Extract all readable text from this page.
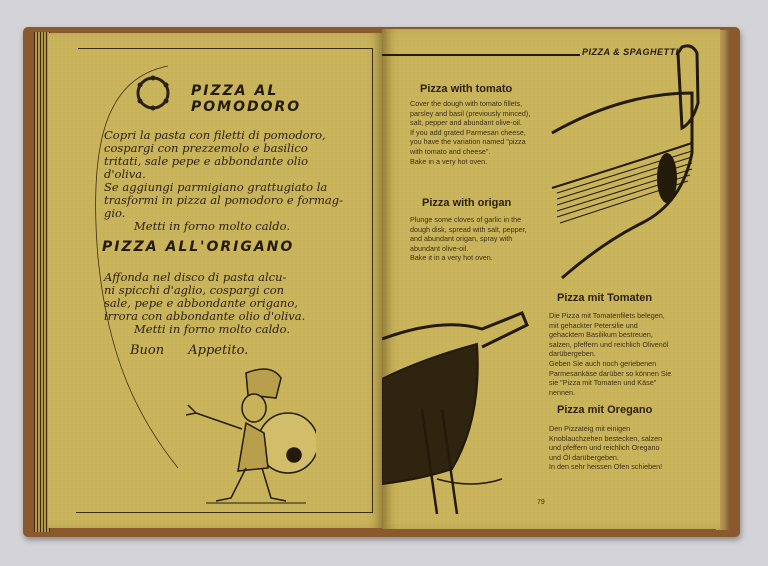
PIZZA AL POMODORO
Copri la pasta con filetti di pomodoro,
cospargi con prezzemolo e basilico
tritati, sale pepe e abbondante olio
d'oliva.
Se aggiungi parmigiano grattugiato la
trasformi in pizza al pomodoro e formag-
gio.
Metti in forno molto caldo.
PIZZA ALL'ORIGANO
Affonda nel disco di pasta alcu-
ni spicchi d'aglio, cospargi con
sale, pepe e abbondante origano,
irrora con abbondante olio d'oliva.
Metti in forno molto caldo.
Buon Appetito.
PIZZA & SPAGHETTI
Pizza with tomato
Cover the dough with tomato fillets,
parsley and basil (previously minced),
salt, pepper and abundant olive-oil.
If you add grated Parmesan cheese,
you have the variation named "pizza
with tomato and cheese".
Bake in a very hot oven.
Pizza with origan
Plunge some cloves of garlic in the
dough disk, spread with salt, pepper,
and abundant origan, spray with
abundant olive-oil.
Bake it in a very hot oven.
Pizza mit Tomaten
Die Pizza mit Tomatenfilets belegen,
mit gehackter Petersilie und
gehacktem Basilikum bestreuen,
salzen, pfeffern und reichlich Olivenöl
darübergeben.
Geben Sie auch noch geriebenen
Parmesankäse darüber so können Sie
sie "Pizza mit Tomaten und Käse"
nennen.
Pizza mit Oregano
Den Pizzateig mit einigen
Knoblauchzehen bestecken, salzen
und pfeffern und reichlich Oregano
und Öl darübergeben.
In den sehr heissen Ofen schieben!
79
